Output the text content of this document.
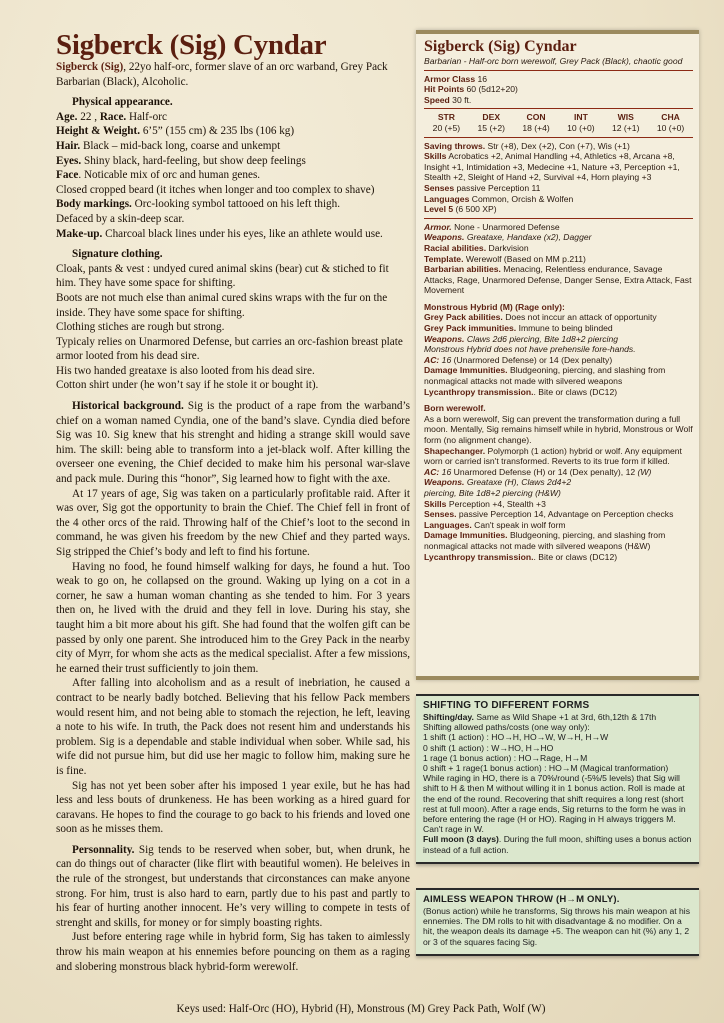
Sigberck (Sig) Cyndar

Sigberck (Sig), 22yo half-orc, former slave of an orc warband, Grey Pack Barbarian (Black), Alcoholic.

Physical appearance.

Age. 22 , Race. Half-orc

Height & Weight. 6’5” (155 cm) & 235 lbs (106 kg)

Hair. Black – mid-back long, coarse and unkempt

Eyes. Shiny black, hard-feeling, but show deep feelings

Face. Noticable mix of orc and human genes.

Closed cropped beard (it itches when longer and too complex to shave)

Body markings. Orc-looking symbol tattooed on his left thigh.

Defaced by a skin-deep scar.

Make-up. Charcoal black lines under his eyes, like an athlete would use.

Signature clothing.

Cloak, pants & vest : undyed cured animal skins (bear) cut & stiched to fit him. They have some space for shifting.

Boots are not much else than animal cured skins wraps with the fur on the inside. They have some space for shifting.

Clothing stiches are rough but strong.

Typicaly relies on Unarmored Defense, but carries an orc-fashion breast plate armor looted from his dead sire.

His two handed greataxe is also looted from his dead sire.

Cotton shirt under (he won’t say if he stole it or bought it).

Historical background. Sig is the product of a rape from the warband’s chief on a woman named Cyndia, one of the band’s slave. Cyndia died before Sig was 10. Sig knew that his strenght and hiding a strange skill would save him. The skill: being able to transform into a jet-black wolf. After killing the overseer one evening, the Chief decided to make him his personal war-slave and pack mule. During this “honor”, Sig learned how to fight with the axe.

At 17 years of age, Sig was taken on a particularly profitable raid. After it was over, Sig got the opportunity to brain the Chief. The Chief fell in front of the 4 other orcs of the raid. Throwing half of the Chief’s loot to the second in command, he was given his freedom by the new Chief and they parted ways. Sig stripped the Chief’s body and left to find his fortune.

Having no food, he found himself walking for days, he found a hut. Too weak to go on, he collapsed on the ground. Waking up lying on a cot in a corner, he saw a human woman chanting as she tended to him. For 3 years then on, he lived with the druid and they fell in love. During his stay, she taught him a bit more about his gift. She had found that the wolfen gift can be passed by only one parent. She introduced him to the Grey Pack in the nearby city of Myrr, for whom she acts as the medical specialist. After a few missions, he earned their trust sufficiently to join them.

After falling into alcoholism and as a result of inebriation, he caused a contract to be nearly badly botched. Believing that his fellow Pack members would resent him, and not being able to stomach the rejection, he left, leaving a note to his wife. In truth, the Pack does not resent him and understands his problem. Sig is a dependable and stable individual when sober. While sad, his wife did not pursue him, but did use her magic to follow him, making sure he is fine.

Sig has not yet been sober after his imposed 1 year exile, but he has had less and less bouts of drunkeness. He has been working as a hired guard for caravans. He hopes to find the courage to go back to his friends and loved one soon as he misses them.

Personnality. Sig tends to be reserved when sober, but, when drunk, he can do things out of character (like flirt with beautiful women). He beleives in the rule of the strongest, but understands that circonstances can make anyone strong. For him, trust is also hard to earn, partly due to his past and partly to his fear of hurting another innocent. He’s very willing to compete in tests of strenght and skills, for money or for simply boasting rights.

Just before entering rage while in hybrid form, Sig has taken to aimlessly throw his main weapon at his ennemies before pouncing on them as a raging and slobering monstrous black hybrid-form werewolf.

Keys used: Half-Orc (HO), Hybrid (H), Monstrous (M) Grey Pack Path, Wolf (W)

Sigberck (Sig) Cyndar

Barbarian - Half-orc born werewolf, Grey Pack (Black), chaotic good

Armor Class 16

Hit Points 60 (5d12+20)

Speed 30 ft.

STR
20 (+5)
DEX
15 (+2)
CON
18 (+4)
INT
10 (+0)
WIS
12 (+1)
CHA
10 (+0)

Saving throws. Str (+8), Dex (+2), Con (+7), Wis (+1)

Skills Acrobatics +2, Animal Handling +4, Athletics +8, Arcana +8, Insight +1, Intimidation +3, Medecine +1, Nature +3, Perception +1, Stealth +2, Sleight of Hand +2, Survival +4, Horn playing +3

Senses passive Perception 11

Languages Common, Orcish & Wolfen

Level 5 (6 500 XP)

Armor. None - Unarmored Defense

Weapons. Greataxe, Handaxe (x2), Dagger

Racial abilities. Darkvision

Template. Werewolf (Based on MM p.211)

Barbarian abilities. Menacing, Relentless endurance, Savage Attacks, Rage, Unarmored Defense, Danger Sense, Extra Attack, Fast Movement

Monstrous Hybrid (M) (Rage only):

Grey Pack abilities. Does not inccur an attack of opportunity

Grey Pack immunities. Immune to being blinded

Weapons. Claws 2d6 piercing, Bite 1d8+2 piercing

Monstrous Hybrid does not have prehensile fore-hands.

AC: 16 (Unarmored Defense) or 14 (Dex penalty)

Damage Immunities. Bludgeoning, piercing, and slashing from nonmagical attacks not made with silvered weapons

Lycanthropy transmission.. Bite or claws (DC12)

Born werewolf.

As a born werewolf, Sig can prevent the transformation during a full moon. Mentally, Sig remains himself while in hybrid, Monstrous or Wolf form (no alignment change).

Shapechanger. Polymorph (1 action) hybrid or wolf. Any equipment worn or carried isn't transformed. Reverts to its true form if killed.

AC: 16 Unarmored Defense (H) or 14 (Dex penalty), 12 (W)

Weapons. Greataxe (H), Claws 2d4+2

piercing, Bite 1d8+2 piercing (H&W)

Skills Perception +4, Stealth +3

Senses. passive Perception 14, Advantage on Perception checks

Languages. Can't speak in wolf form

Damage Immunities. Bludgeoning, piercing, and slashing from nonmagical attacks not made with silvered weapons (H&W)

Lycanthropy transmission.. Bite or claws (DC12)

SHIFTING TO DIFFERENT FORMS

Shifting/day. Same as Wild Shape +1 at 3rd, 6th,12th & 17th

Shifting allowed paths/costs (one way only):

1 shift (1 action) : HO→H, HO→W, W→H, H→W

0 shift (1 action) : W→HO, H→HO

1 rage (1 bonus action) : HO→Rage, H→M

0 shift + 1 rage(1 bonus action) : HO→M (Magical tranformation)

While raging in HO, there is a 70%/round (-5%/5 levels) that Sig will shift to H & then M without willing it in 1 bonus action. Roll is made at the end of the round. Recovering that shift requires a long rest (short rest at full moon). After a rage ends, Sig returns to the form he was in before entering the rage (H or HO). Raging in H always triggers M. Can't rage in W.

Full moon (3 days). During the full moon, shifting uses a bonus action instead of a full action.

AIMLESS WEAPON THROW (H→M ONLY).

(Bonus action) while he transforms, Sig throws his main weapon at his ennemies. The DM rolls to hit with disadvantage & no modifier. On a hit, the weapon deals its damage +5. The weapon can hit (%) any 1, 2 or 3 of the squares facing Sig.
